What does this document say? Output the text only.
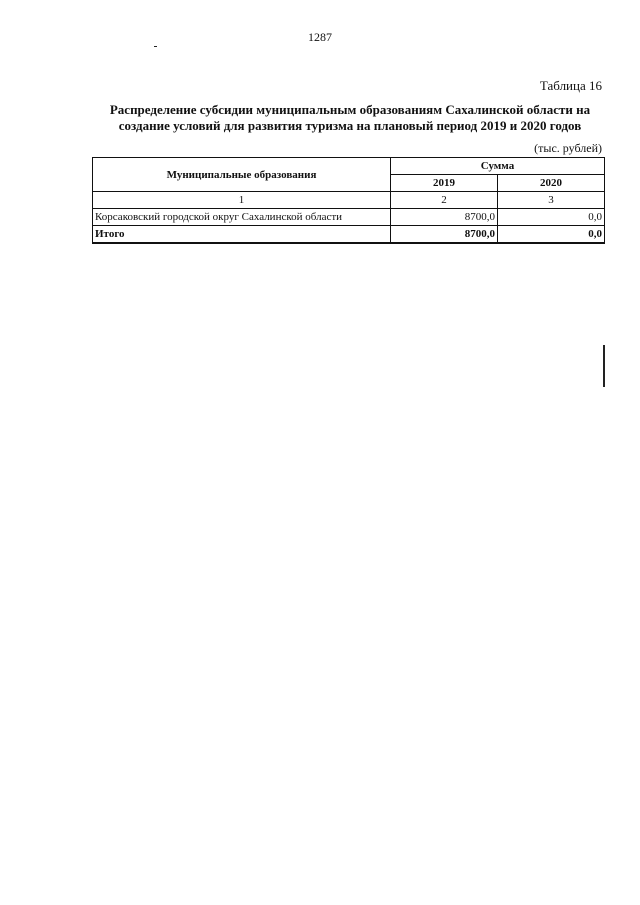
1287
Таблица 16
Распределение субсидии муниципальным образованиям Сахалинской области на
создание условий для развития туризма на плановый период 2019 и 2020 годов
(тыс. рублей)
Муниципальные образования	Сумма	
	2019	2020
1	2	3
Корсаковский городской округ Сахалинской области	8700,0	0,0
Итого	8700,0	0,0
